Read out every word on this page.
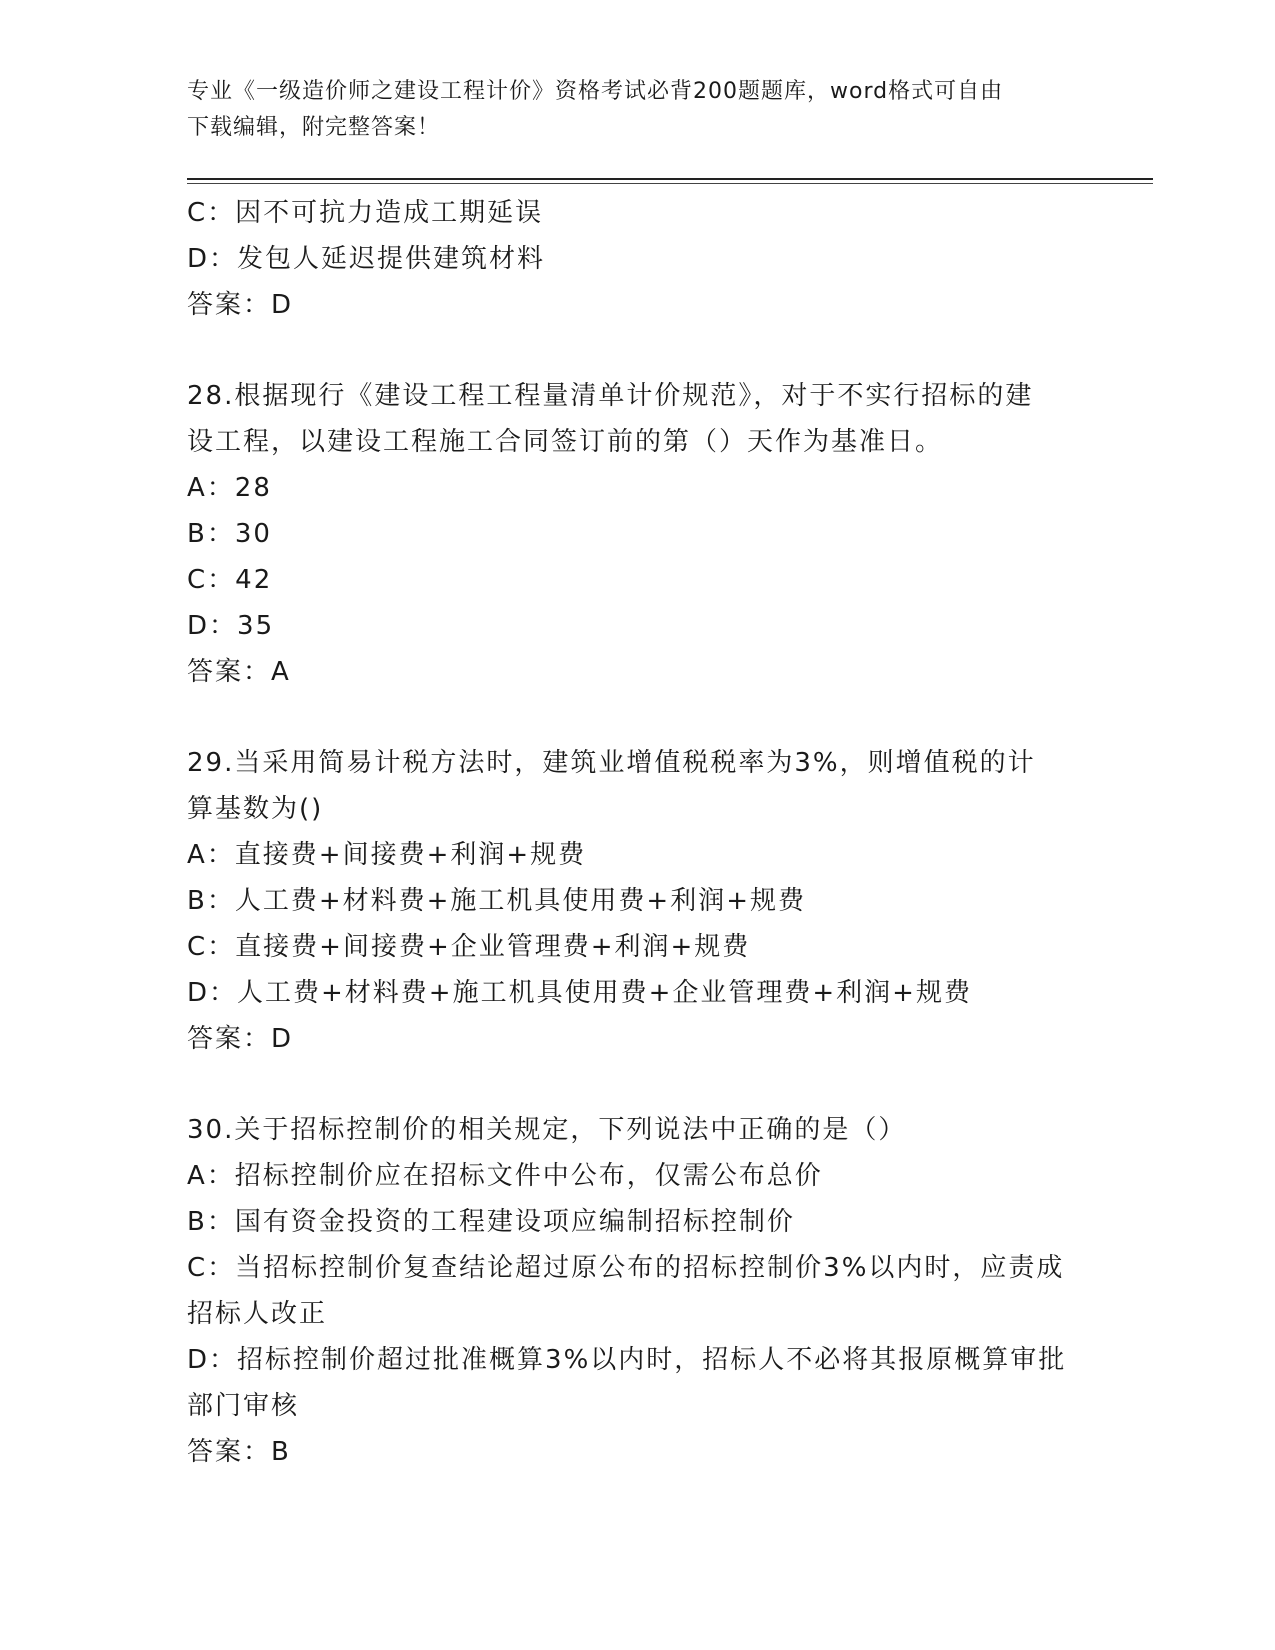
专业《一级造价师之建设工程计价》资格考试必背200题题库，word格式可自由
下载编辑，附完整答案！
C：因不可抗力造成工期延误
D：发包人延迟提供建筑材料
答案：D
28.根据现行《建设工程工程量清单计价规范》，对于不实行招标的建
设工程，以建设工程施工合同签订前的第（）天作为基准日。
A：28
B：30
C：42
D：35
答案：A
29.当采用简易计税方法时，建筑业增值税税率为3%，则增值税的计
算基数为()
A：直接费+间接费+利润+规费
B：人工费+材料费+施工机具使用费+利润+规费
C：直接费+间接费+企业管理费+利润+规费
D：人工费+材料费+施工机具使用费+企业管理费+利润+规费
答案：D
30.关于招标控制价的相关规定，下列说法中正确的是（）
A：招标控制价应在招标文件中公布，仅需公布总价
B：国有资金投资的工程建设项应编制招标控制价
C：当招标控制价复查结论超过原公布的招标控制价3%以内时，应责成
招标人改正
D：招标控制价超过批准概算3%以内时，招标人不必将其报原概算审批
部门审核
答案：B
